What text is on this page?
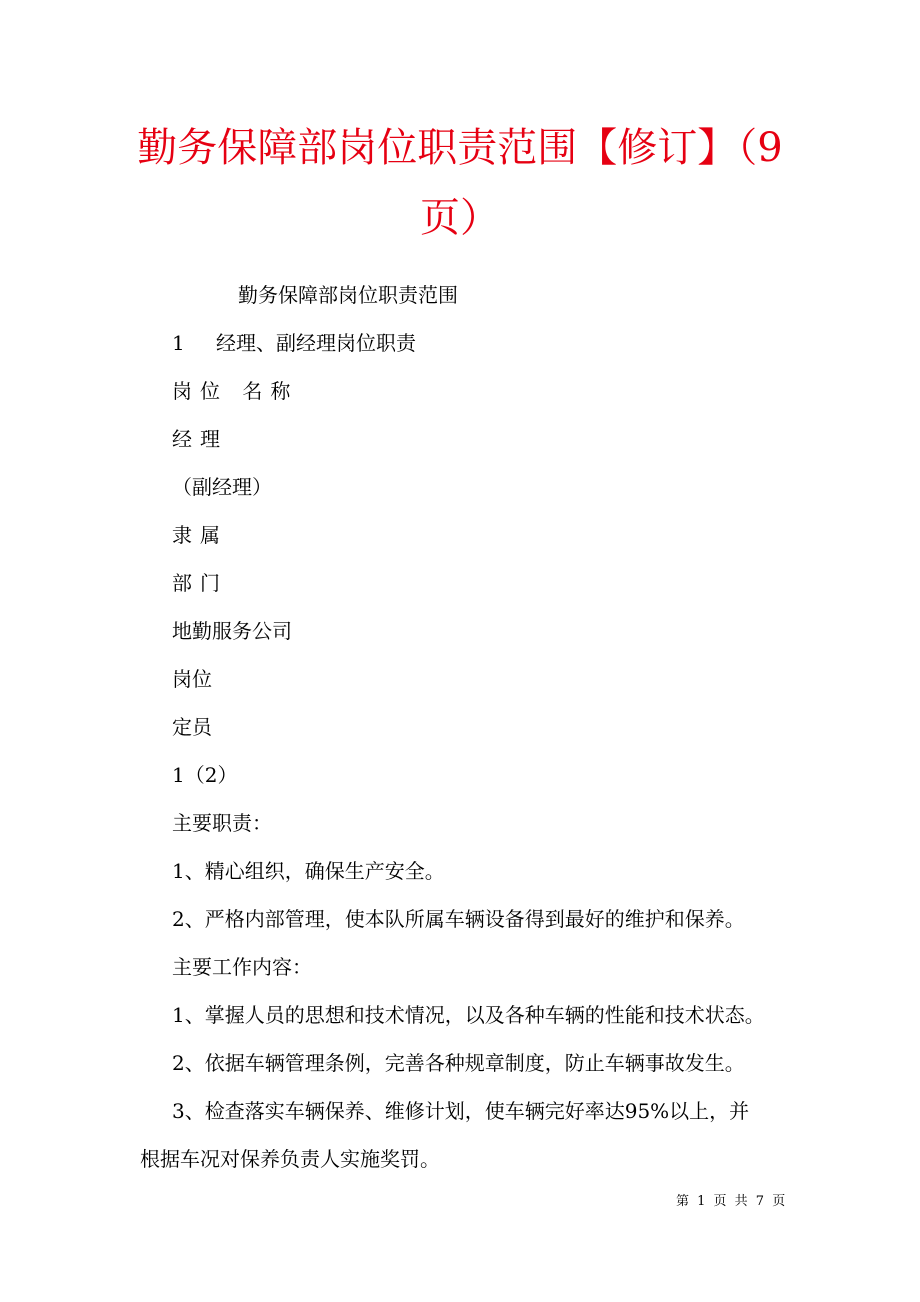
勤务保障部岗位职责范围【修订】（9
页）

勤务保障部岗位职责范围

1 经理、副经理岗位职责

岗位 名称

经理

（副经理）

隶属

部门

地勤服务公司

岗位

定员

1（2）

主要职责：

1、精心组织，确保生产安全。

2、严格内部管理，使本队所属车辆设备得到最好的维护和保养。

主要工作内容：

1、掌握人员的思想和技术情况，以及各种车辆的性能和技术状态。

2、依据车辆管理条例，完善各种规章制度，防止车辆事故发生。

3、检查落实车辆保养、维修计划，使车辆完好率达95%以上，并

根据车况对保养负责人实施奖罚。

第 1 页 共 7 页
